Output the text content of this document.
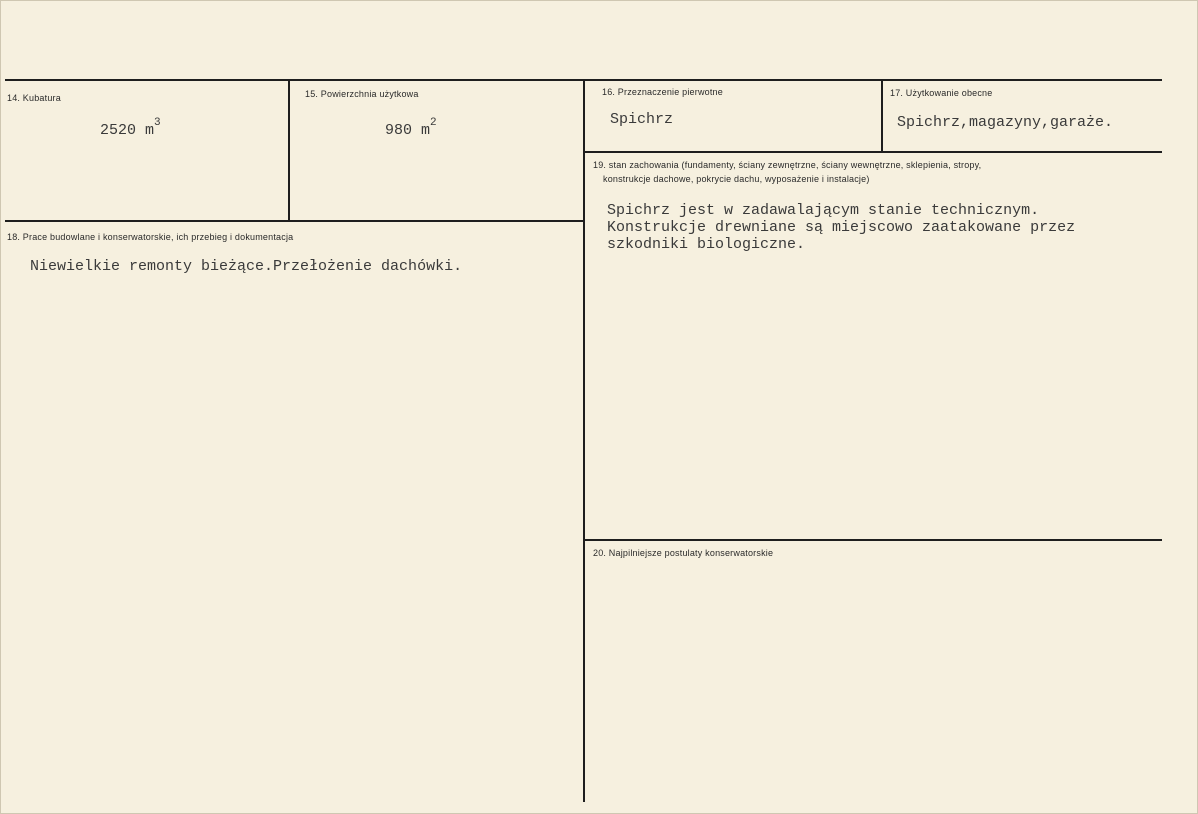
14. Kubatura
2520 $m^3$
15. Powierzchnia użytkowa
980 $m^2$
16. Przeznaczenie pierwotne
Spichrz
17. Użytkowanie obecne
Spichrz,magazyny,garaże.
18. Prace budowlane i konserwatorskie, ich przebieg i dokumentacja
Niewielkie remonty bieżące.Przełożenie dachówki.
19. stan zachowania (fundamenty, ściany zewnętrzne, ściany wewnętrzne, sklepienia, stropy,
konstrukcje dachowe, pokrycie dachu, wyposażenie i instalacje)
Spichrz jest w zadawalającym stanie technicznym.
Konstrukcje drewniane są miejscowo zaatakowane przez
szkodniki biologiczne.
20. Najpilniejsze postulaty konserwatorskie
